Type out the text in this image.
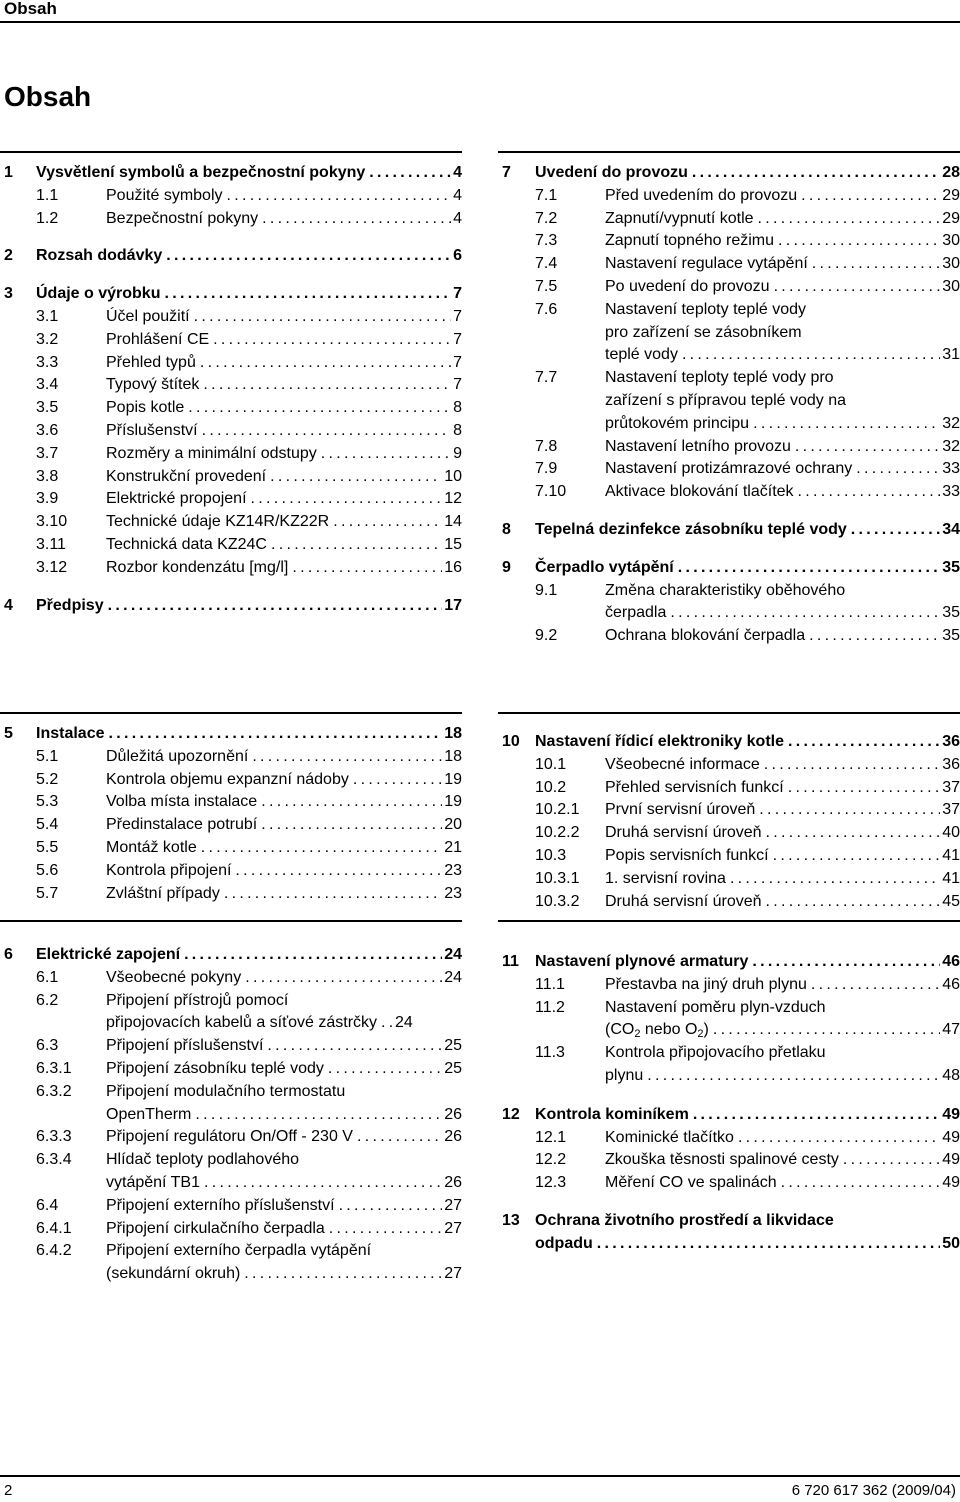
Obsah
Obsah
1	Vysvětlení symbolů a bezpečnostní pokyny .....	4
1.1	Použité symboly .....	4
1.2	Bezpečnostní pokyny .....	4
2	Rozsah dodávky .....	6
3	Údaje o výrobku .....	7
3.1	Účel použití .....	7
3.2	Prohlášení CE .....	7
3.3	Přehled typů .....	7
3.4	Typový štítek .....	7
3.5	Popis kotle .....	8
3.6	Příslušenství .....	8
3.7	Rozměry a minimální odstupy .....	9
3.8	Konstrukční provedení .....	10
3.9	Elektrické propojení .....	12
3.10	Technické údaje KZ14R/KZ22R .....	14
3.11	Technická data KZ24C .....	15
3.12	Rozbor kondenzátu [mg/l] .....	16
4	Předpisy .....	17
7	Uvedení do provozu .....	28
7.1	Před uvedením do provozu .....	29
7.2	Zapnutí/vypnutí kotle .....	29
7.3	Zapnutí topného režimu .....	30
7.4	Nastavení regulace vytápění .....	30
7.5	Po uvedení do provozu .....	30
7.6	Nastavení teploty teplé vody
pro zařízení se zásobníkem
teplé vody .....	31
7.7	Nastavení teploty teplé vody pro
zařízení s přípravou teplé vody na
průtokovém principu .....	32
7.8	Nastavení letního provozu .....	32
7.9	Nastavení protizámrazové ochrany .....	33
7.10	Aktivace blokování tlačítek .....	33
8	Tepelná dezinfekce zásobníku teplé vody .....	34
9	Čerpadlo vytápění .....	35
9.1	Změna charakteristiky oběhového
čerpadla .....	35
9.2	Ochrana blokování čerpadla .....	35
5	Instalace .....	18
5.1	Důležitá upozornění .....	18
5.2	Kontrola objemu expanzní nádoby .....	19
5.3	Volba místa instalace .....	19
5.4	Předinstalace potrubí .....	20
5.5	Montáž kotle .....	21
5.6	Kontrola připojení .....	23
5.7	Zvláštní případy .....	23
10 Nastavení řídicí elektroniky kotle .....	36
10.1	Všeobecné informace .....	36
10.2	Přehled servisních funkcí .....	37
10.2.1	První servisní úroveň .....	37
10.2.2	Druhá servisní úroveň .....	40
10.3	Popis servisních funkcí .....	41
10.3.1	1. servisní rovina .....	41
10.3.2	Druhá servisní úroveň .....	45
6	Elektrické zapojení .....	24
6.1	Všeobecné pokyny .....	24
6.2	Připojení přístrojů pomocí
připojovacích kabelů a síťové zástrčky ..... 24
6.3	Připojení příslušenství .....	25
6.3.1	Připojení zásobníku teplé vody .....	25
6.3.2	Připojení modulačního termostatu
OpenTherm .....	26
6.3.3	Připojení regulátoru On/Off - 230 V .....	26
6.3.4	Hlídač teploty podlahového
vytápění TB1 .....	26
6.4	Připojení externího příslušenství .....	27
6.4.1	Připojení cirkulačního čerpadla .....	27
6.4.2	Připojení externího čerpadla vytápění
(sekundární okruh) .....	27
11	Nastavení plynové armatury .....	46
11.1	Přestavba na jiný druh plynu .....	46
11.2	Nastavení poměru plyn-vzduch
($CO_2$ nebo $O_2$) .....	47
11.3	Kontrola připojovacího přetlaku
plynu .....	48
12 Kontrola kominíkem .....	49
12.1	Kominické tlačítko .....	49
12.2	Zkouška těsnosti spalinové cesty .....	49
12.3	Měření CO ve spalinách .....	49
13 Ochrana životního prostředí a likvidace
odpadu .....	50
2	6 720 617 362 (2009/04)
